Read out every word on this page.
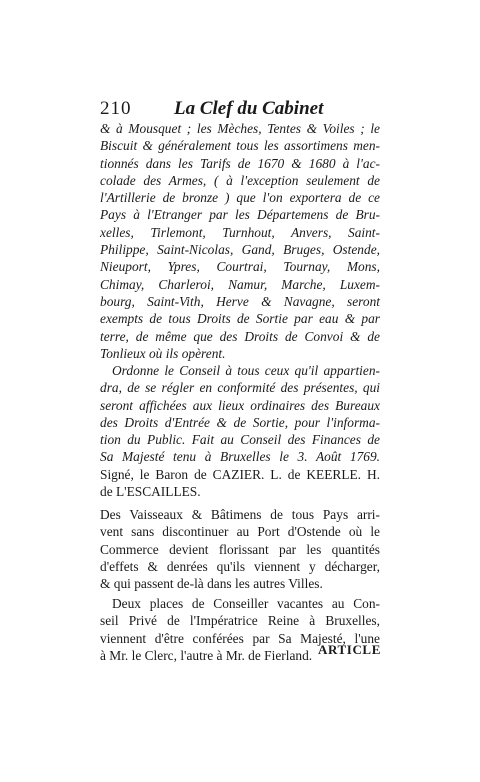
210 La Clef du Cabinet
& à Mousquet ; les Mèches, Tentes & Voiles ; le
Biscuit & généralement tous les assortimens men-
tionnés dans les Tarifs de 1670 & 1680 à l'ac-
colade des Armes, ( à l'exception seulement de
l'Artillerie de bronze ) que l'on exportera de ce
Pays à l'Etranger par les Départemens de Bru-
xelles, Tirlemont, Turnhout, Anvers, Saint-
Philippe, Saint-Nicolas, Gand, Bruges, Ostende,
Nieuport, Ypres, Courtrai, Tournay, Mons,
Chimay, Charleroi, Namur, Marche, Luxem-
bourg, Saint-Vith, Herve & Navagne, seront
exempts de tous Droits de Sortie par eau & par
terre, de même que des Droits de Convoi & de
Tonlieux où ils opèrent.
Ordonne le Conseil à tous ceux qu'il appartien-
dra, de se régler en conformité des présentes, qui
seront affichées aux lieux ordinaires des Bureaux
des Droits d'Entrée & de Sortie, pour l'informa-
tion du Public. Fait au Conseil des Finances de
Sa Majesté tenu à Bruxelles le 3. Août 1769.
Signé, le Baron de CAZIER. L. de KEERLE. H.
de L'ESCAILLES.
Des Vaisseaux & Bâtimens de tous Pays arri-
vent sans discontinuer au Port d'Ostende où le
Commerce devient florissant par les quantités
d'effets & denrées qu'ils viennent y décharger,
& qui passent de-là dans les autres Villes.
Deux places de Conseiller vacantes au Con-
seil Privé de l'Impératrice Reine à Bruxelles,
viennent d'être conférées par Sa Majesté, l'une
à Mr. le Clerc, l'autre à Mr. de Fierland. ARTICLE
